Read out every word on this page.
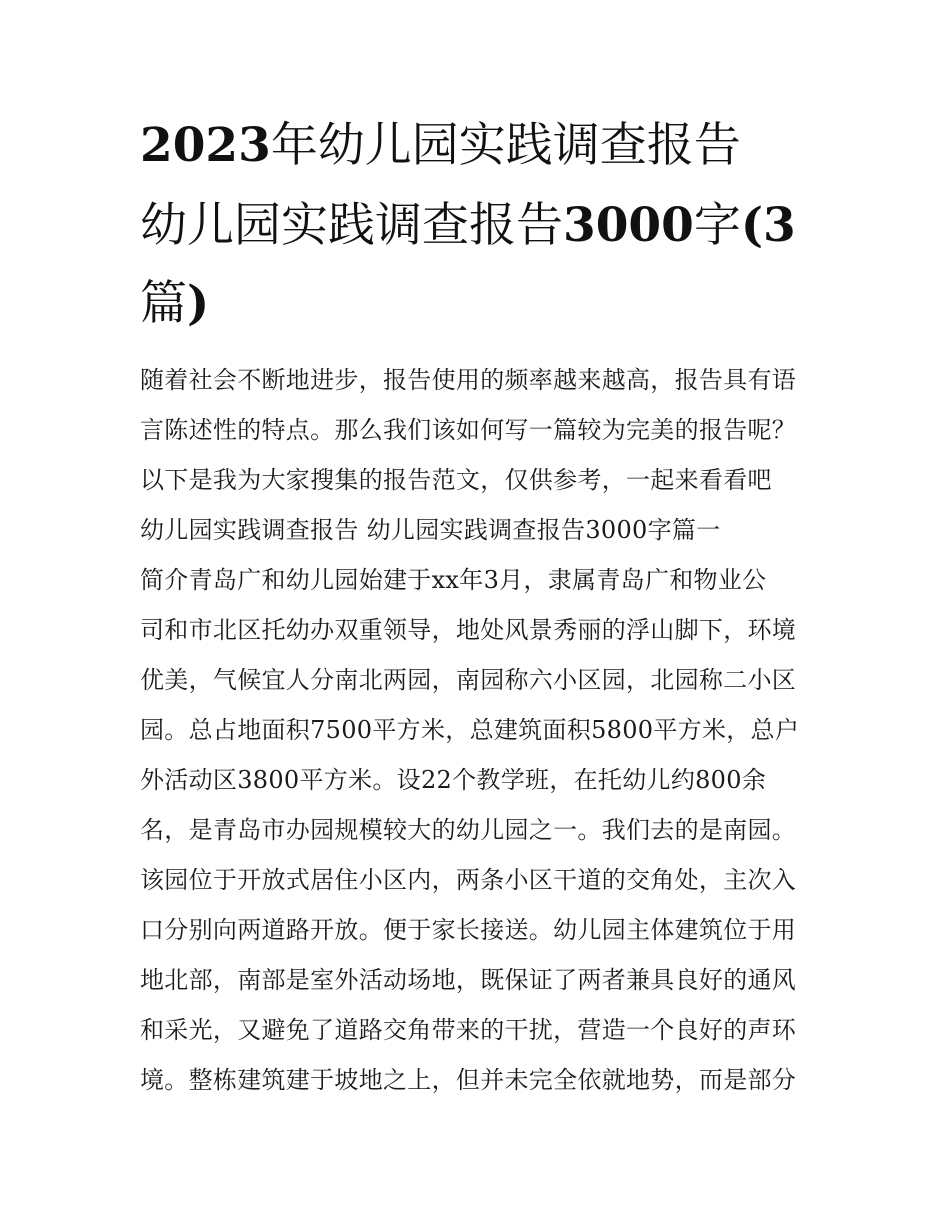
2023年幼儿园实践调查报告
幼儿园实践调查报告3000字(3
篇)
随着社会不断地进步，报告使用的频率越来越高，报告具有语
言陈述性的特点。那么我们该如何写一篇较为完美的报告呢？
以下是我为大家搜集的报告范文，仅供参考，一起来看看吧
幼儿园实践调查报告 幼儿园实践调查报告3000字篇一
简介青岛广和幼儿园始建于xx年3月，隶属青岛广和物业公
司和市北区托幼办双重领导，地处风景秀丽的浮山脚下，环境
优美，气候宜人分南北两园，南园称六小区园，北园称二小区
园。总占地面积7500平方米，总建筑面积5800平方米，总户
外活动区3800平方米。设22个教学班，在托幼儿约800余
名，是青岛市办园规模较大的幼儿园之一。我们去的是南园。
该园位于开放式居住小区内，两条小区干道的交角处，主次入
口分别向两道路开放。便于家长接送。幼儿园主体建筑位于用
地北部，南部是室外活动场地，既保证了两者兼具良好的通风
和采光，又避免了道路交角带来的干扰，营造一个良好的声环
境。整栋建筑建于坡地之上，但并未完全依就地势，而是部分
